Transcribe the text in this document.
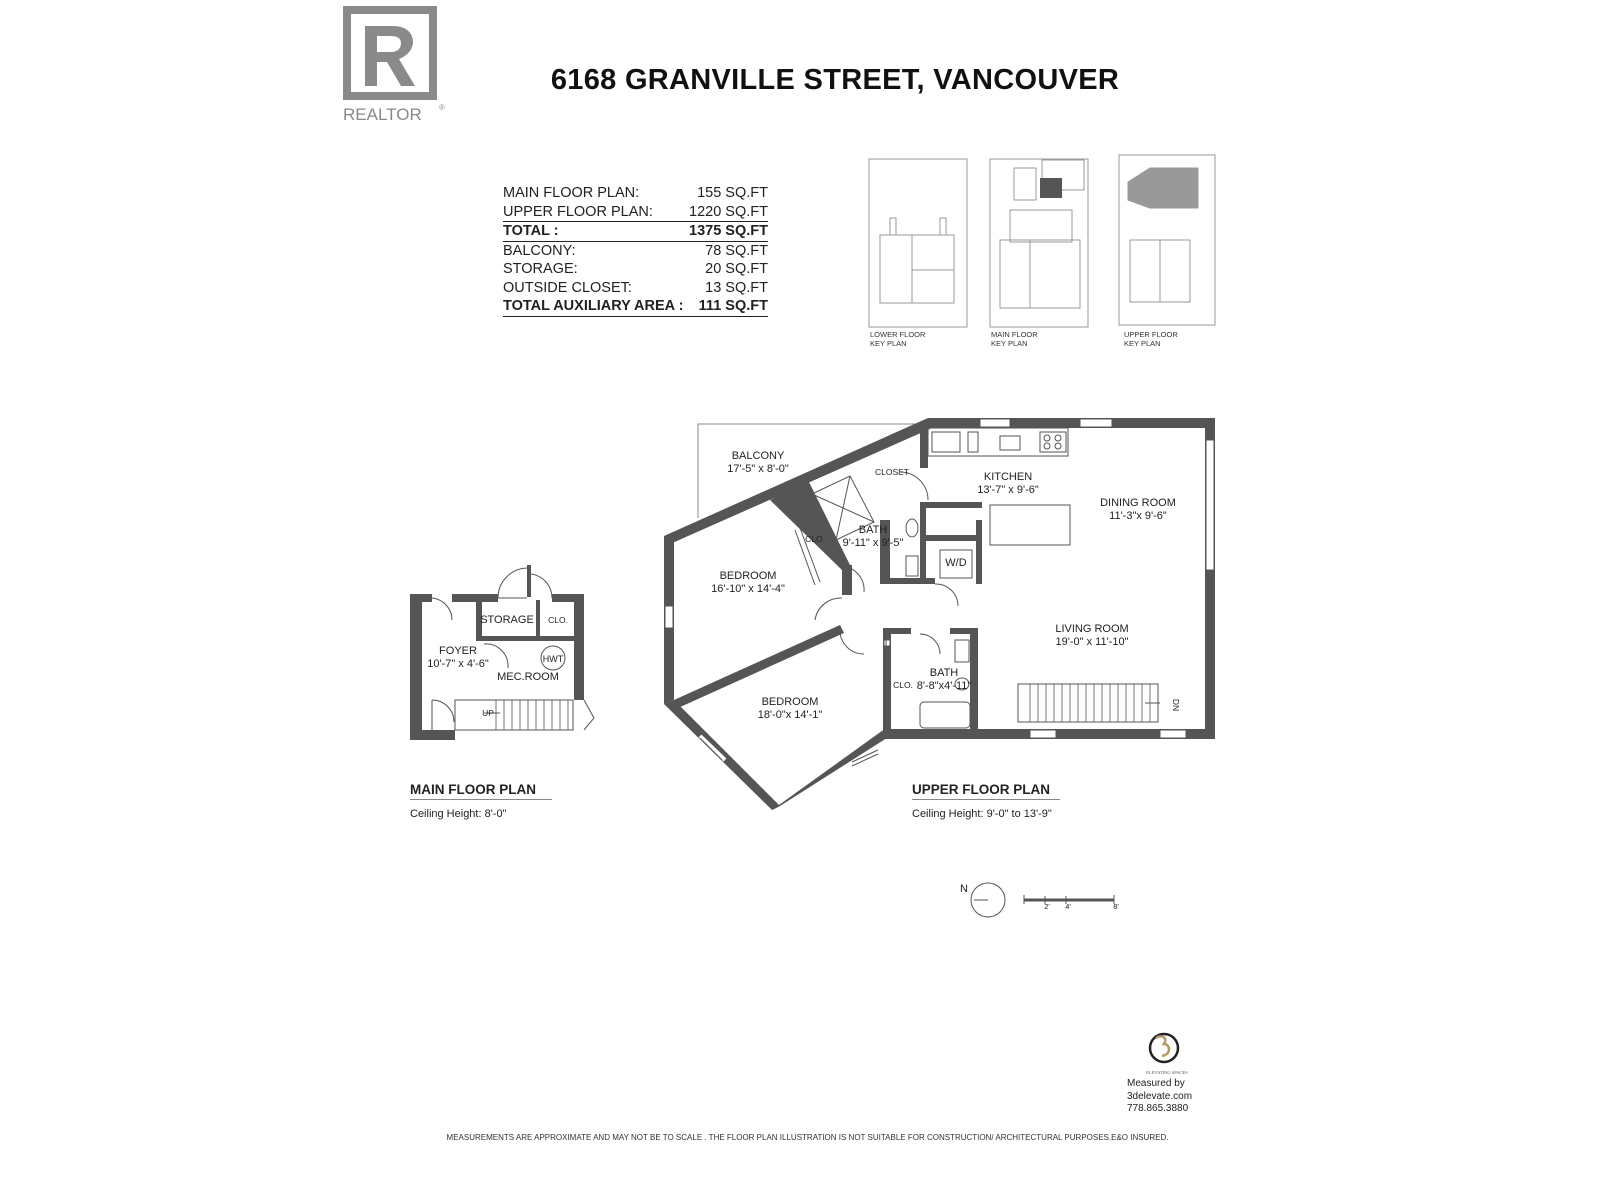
REALTOR ®
6168 GRANVILLE STREET, VANCOUVER
MAIN FLOOR PLAN:	155 SQ.FT
UPPER FLOOR PLAN: 1220 SQ.FT
TOTAL :	1375 SQ.FT
BALCONY:	78 SQ.FT
STORAGE:	20 SQ.FT
OUTSIDE CLOSET:	13 SQ.FT
TOTAL AUXILIARY AREA : 111 SQ.FT
LOWER FLOOR
KEY PLAN
MAIN FLOOR
KEY PLAN
UPPER FLOOR
KEY PLAN
STORAGE CLO.
FOYER
10'-7" x 4'-6"	HWT
MEC.ROOM
UP
BALCONY
17'-5" x 8'-0"	CLOSET	KITCHEN
13'-7" x 9'-6"
DINING ROOM
11'-3"x 9'-6"
CLO.
BATH
9'-11" x 9'-5"
W/D
BEDROOM
16'-10" x 14'-4"
LIVING ROOM
19'-0" x 11'-10"
BATH
8'-8"x4'-11"
CLO.
BEDROOM
18'-0"x 14'-1"
DN
MAIN FLOOR PLAN
Ceiling Height: 8'-0"
UPPER FLOOR PLAN
Ceiling Height: 9'-0" to 13'-9"
N
2' 4'	8'
ELEVATING SPACES
Measured by
3delevate.com
778.865.3880
MEASUREMENTS ARE APPROXIMATE AND MAY NOT BE TO SCALE . THE FLOOR PLAN ILLUSTRATION IS NOT SUITABLE FOR CONSTRUCTION/ ARCHITECTURAL PURPOSES.E&O INSURED.
